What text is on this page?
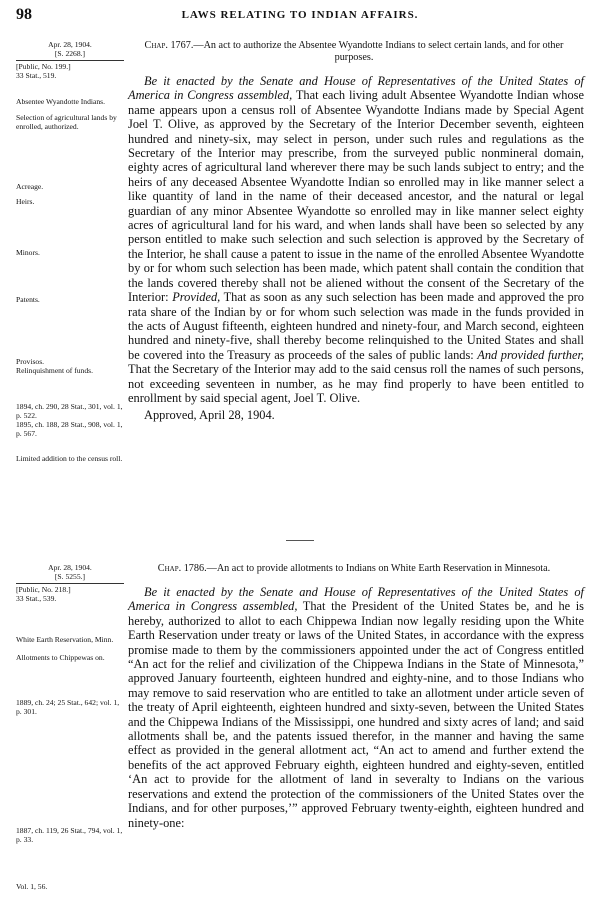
98	LAWS RELATING TO INDIAN AFFAIRS.
Apr. 28, 1904.
[S. 2268.]
[Public, No. 199.]
33 Stat., 519.
Absentee Wyandotte Indians.
Selection of agricultural lands by enrolled, authorized.
Acreage.
Heirs.
Minors.
Patents.
Provisos.
Relinquishment of funds.
1894, ch. 290, 28 Stat., 301, vol. 1, p. 522.
1895, ch. 188, 28 Stat., 908, vol. 1, p. 567.
Limited addition to the census roll.
Chap. 1767.—An act to authorize the Absentee Wyandotte Indians to select certain lands, and for other purposes.

Be it enacted by the Senate and House of Representatives of the United States of America in Congress assembled, That each living adult Absentee Wyandotte Indian whose name appears upon a census roll of Absentee Wyandotte Indians made by Special Agent Joel T. Olive, as approved by the Secretary of the Interior December seventh, eighteen hundred and ninety-six, may select in person, under such rules and regulations as the Secretary of the Interior may prescribe, from the surveyed public nonmineral domain, eighty acres of agricultural land wherever there may be such lands subject to entry; and the heirs of any deceased Absentee Wyandotte Indian so enrolled may in like manner select a like quantity of land in the name of their deceased ancestor, and the natural or legal guardian of any minor Absentee Wyandotte so enrolled may in like manner select eighty acres of agricultural land for his ward, and when lands shall have been so selected by any person entitled to make such selection and such selection is approved by the Secretary of the Interior, he shall cause a patent to issue in the name of the enrolled Absentee Wyandotte by or for whom such selection has been made, which patent shall contain the condition that the lands covered thereby shall not be aliened without the consent of the Secretary of the Interior: Provided, That as soon as any such selection has been made and approved the pro rata share of the Indian by or for whom such selection was made in the funds provided in the acts of August fifteenth, eighteen hundred and ninety-four, and March second, eighteen hundred and ninety-five, shall thereby become relinquished to the United States and shall be covered into the Treasury as proceeds of the sales of public lands: And provided further, That the Secretary of the Interior may add to the said census roll the names of such persons, not exceeding seventeen in number, as he may find properly to have been entitled to enrollment by said special agent, Joel T. Olive.

Approved, April 28, 1904.

Apr. 28, 1904.
[S. 5255.]
[Public, No. 218.]
33 Stat., 539.
White Earth Reservation, Minn.
Allotments to Chippewas on.
1889, ch. 24; 25 Stat., 642; vol. 1, p. 301.
1887, ch. 119, 26 Stat., 794, vol. 1, p. 33.
Vol. 1, 56.
Chap. 1786.—An act to provide allotments to Indians on White Earth Reservation in Minnesota.

Be it enacted by the Senate and House of Representatives of the United States of America in Congress assembled, That the President of the United States be, and he is hereby, authorized to allot to each Chippewa Indian now legally residing upon the White Earth Reservation under treaty or laws of the United States, in accordance with the express promise made to them by the commissioners appointed under the act of Congress entitled “An act for the relief and civilization of the Chippewa Indians in the State of Minnesota,” approved January fourteenth, eighteen hundred and eighty-nine, and to those Indians who may remove to said reservation who are entitled to take an allotment under article seven of the treaty of April eighteenth, eighteen hundred and sixty-seven, between the United States and the Chippewa Indians of the Mississippi, one hundred and sixty acres of land; and said allotments shall be, and the patents issued therefor, in the manner and having the same effect as provided in the general allotment act, “An act to amend and further extend the benefits of the act approved February eighth, eighteen hundred and eighty-seven, entitled ‘An act to provide for the allotment of land in severalty to Indians on the various reservations and extend the protection of the commissioners of the United States over the Indians, and for other purposes,’” approved February twenty-eighth, eighteen hundred and ninety-one:
